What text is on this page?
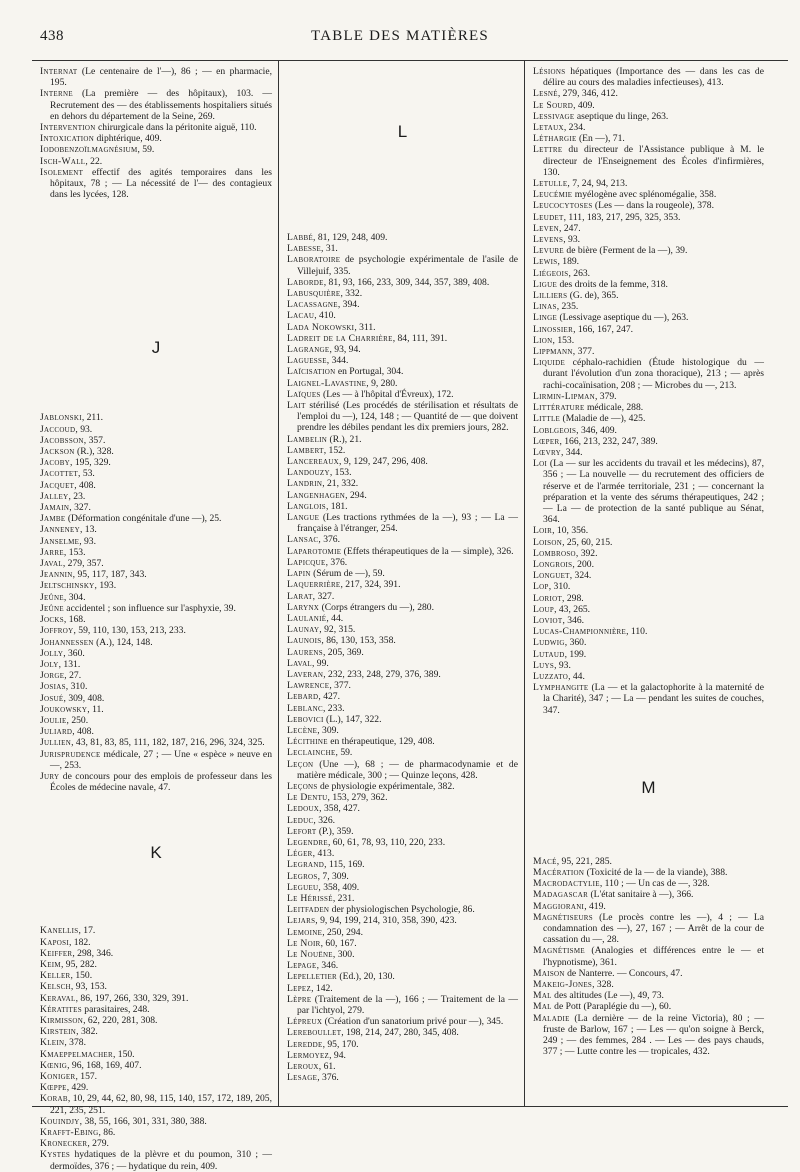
438	TABLE DES MATIÈRES

Internat (Le centenaire de l'—), 86 ; — en pharmacie, 195.

Interne (La première — des hôpitaux), 103. — Recrutement des — des établissements hospitaliers situés en dehors du département de la Seine, 269.

Intervention chirurgicale dans la péritonite aiguë, 110.

Intoxication diphtérique, 409.

Iodobenzoïlmagnésium, 59.

Isch-Wall, 22.

Isolement effectif des agités temporaires dans les hôpitaux, 78 ; — La nécessité de l'— des contagieux dans les lycées, 128.

J

Jablonski, 211.

Jaccoud, 93.

Jacobsson, 357.

Jackson (R.), 328.

Jacoby, 195, 329.

Jacottet, 53.

Jacquet, 408.

Jalley, 23.

Jamain, 327.

Jambe (Déformation congénitale d'une —), 25.

Janneney, 13.

Janselme, 93.

Jarre, 153.

Javal, 279, 357.

Jeannin, 95, 117, 187, 343.

Jeltschinsky, 193.

Jeûne, 304.

Jeûne accidentel ; son influence sur l'asphyxie, 39.

Jocks, 168.

Joffroy, 59, 110, 130, 153, 213, 233.

Johannessen (A.), 124, 148.

Jolly, 360.

Joly, 131.

Jorge, 27.

Josias, 310.

Josué, 309, 408.

Joukowsky, 11.

Joulie, 250.

Juliard, 408.

Jullien, 43, 81, 83, 85, 111, 182, 187, 216, 296, 324, 325.

Jurisprudence médicale, 27 ; — Une « espèce » neuve en —, 253.

Jury de concours pour des emplois de professeur dans les Écoles de médecine navale, 47.

K

Kanellis, 17.

Kaposi, 182.

Keiffer, 298, 346.

Keim, 95, 282.

Keller, 150.

Kelsch, 93, 153.

Keraval, 86, 197, 266, 330, 329, 391.

Kératites parasitaires, 248.

Kirmisson, 62, 220, 281, 308.

Kirstein, 382.

Klein, 378.

Kmaeppelmacher, 150.

Kœnig, 96, 168, 169, 407.

Koniger, 157.

Kœppe, 429.

Korab, 10, 29, 44, 62, 80, 98, 115, 140, 157, 172, 189, 205, 221, 235, 251.

Kouindjy, 38, 55, 166, 301, 331, 380, 388.

Krafft-Ebing, 86.

Kronecker, 279.

Kystes hydatiques de la plèvre et du poumon, 310 ; — dermoïdes, 376 ; — hydatique du rein, 409.

L

Labbé, 81, 129, 248, 409.

Labesse, 31.

Laboratoire de psychologie expérimentale de l'asile de Villejuif, 335.

Laborde, 81, 93, 166, 233, 309, 344, 357, 389, 408.

Labusquière, 332.

Lacassagne, 394.

Lacau, 410.

Lada Nokowski, 311.

Ladreit de la Charrière, 84, 111, 391.

Lagrange, 93, 94.

Laguesse, 344.

Laïcisation en Portugal, 304.

Laignel-Lavastine, 9, 280.

Laïques (Les — à l'hôpital d'Évreux), 172.

Lait stérilisé (Les procédés de stérilisation et résultats de l'emploi du —), 124, 148 ; — Quantité de — que doivent prendre les débiles pendant les dix premiers jours, 282.

Lambelin (R.), 21.

Lambert, 152.

Lancereaux, 9, 129, 247, 296, 408.

Landouzy, 153.

Landrin, 21, 332.

Langenhagen, 294.

Langlois, 181.

Langue (Les tractions rythmées de la —), 93 ; — La — française à l'étranger, 254.

Lansac, 376.

Laparotomie (Effets thérapeutiques de la — simple), 326.

Lapicque, 376.

Lapin (Sérum de —), 59.

Laquerrière, 217, 324, 391.

Larat, 327.

Larynx (Corps étrangers du —), 280.

Laulanié, 44.

Launay, 92, 315.

Launois, 86, 130, 153, 358.

Laurens, 205, 369.

Laval, 99.

Laveran, 232, 233, 248, 279, 376, 389.

Lawrence, 377.

Lebard, 427.

Leblanc, 233.

Lebovici (L.), 147, 322.

Lecène, 309.

Lécithine en thérapeutique, 129, 408.

Leclainche, 59.

Leçon (Une —), 68 ; — de pharmacodynamie et de matière médicale, 300 ; — Quinze leçons, 428.

Leçons de physiologie expérimentale, 382.

Le Dentu, 153, 279, 362.

Ledoux, 358, 427.

Leduc, 326.

Lefort (P.), 359.

Legendre, 60, 61, 78, 93, 110, 220, 233.

Léger, 413.

Legrand, 115, 169.

Legros, 7, 309.

Legueu, 358, 409.

Le Hérissé, 231.

Leitfaden der physiologischen Psychologie, 86.

Lejars, 9, 94, 199, 214, 310, 358, 390, 423.

Lemoine, 250, 294.

Le Noir, 60, 167.

Le Nouëne, 300.

Lepage, 346.

Lepelletier (Ed.), 20, 130.

Lepez, 142.

Lèpre (Traitement de la —), 166 ; — Traitement de la — par l'ichtyol, 279.

Lépreux (Création d'un sanatorium privé pour —), 345.

Lereboullet, 198, 214, 247, 280, 345, 408.

Leredde, 95, 170.

Lermoyez, 94.

Leroux, 61.

Lesage, 376.

Lésions hépatiques (Importance des — dans les cas de délire au cours des maladies infectieuses), 413.

Lesné, 279, 346, 412.

Le Sourd, 409.

Lessivage aseptique du linge, 263.

Letaux, 234.

Léthargie (En —), 71.

Lettre du directeur de l'Assistance publique à M. le directeur de l'Enseignement des Écoles d'infirmières, 130.

Letulle, 7, 24, 94, 213.

Leucémie myélogène avec splénomégalie, 358.

Leucocytoses (Les — dans la rougeole), 378.

Leudet, 111, 183, 217, 295, 325, 353.

Leven, 247.

Levens, 93.

Levure de bière (Ferment de la —), 39.

Lewis, 189.

Liégeois, 263.

Ligue des droits de la femme, 318.

Lilliers (G. de), 365.

Linas, 235.

Linge (Lessivage aseptique du —), 263.

Linossier, 166, 167, 247.

Lion, 153.

Lippmann, 377.

Liquide céphalo-rachidien (Étude histologique du — durant l'évolution d'un zona thoracique), 213 ; — après rachi-cocaïnisation, 208 ; — Microbes du —, 213.

Lirmin-Lipman, 379.

Littérature médicale, 288.

Little (Maladie de —), 425.

Loblgeois, 346, 409.

Lœper, 166, 213, 232, 247, 389.

Lœvry, 344.

Loi (La — sur les accidents du travail et les médecins), 87, 356 ; — La nouvelle — du recrutement des officiers de réserve et de l'armée territoriale, 231 ; — concernant la préparation et la vente des sérums thérapeutiques, 242 ; — La — de protection de la santé publique au Sénat, 364.

Loir, 10, 356.

Loison, 25, 60, 215.

Lombroso, 392.

Longrois, 200.

Longuet, 324.

Lop, 310.

Loriot, 298.

Loup, 43, 265.

Loviot, 346.

Lucas-Championnière, 110.

Ludwig, 360.

Lutaud, 199.

Luys, 93.

Luzzato, 44.

Lymphangite (La — et la galactophorite à la maternité de la Charité), 347 ; — La — pendant les suites de couches, 347.

M

Macé, 95, 221, 285.

Macération (Toxicité de la — de la viande), 388.

Macrodactylie, 110 ; — Un cas de —, 328.

Madagascar (L'état sanitaire à —), 366.

Maggiorani, 419.

Magnétiseurs (Le procès contre les —), 4 ; — La condamnation des —), 27, 167 ; — Arrêt de la cour de cassation du —, 28.

Magnétisme (Analogies et différences entre le — et l'hypnotisme), 361.

Maison de Nanterre. — Concours, 47.

Makeig-Jones, 328.

Mal des altitudes (Le —), 49, 73.

Mal de Pott (Paraplégie du —), 60.

Maladie (La dernière — de la reine Victoria), 80 ; — fruste de Barlow, 167 ; — Les — qu'on soigne à Berck, 249 ; — des femmes, 284 . — Les — des pays chauds, 377 ; — Lutte contre les — tropicales, 432.
